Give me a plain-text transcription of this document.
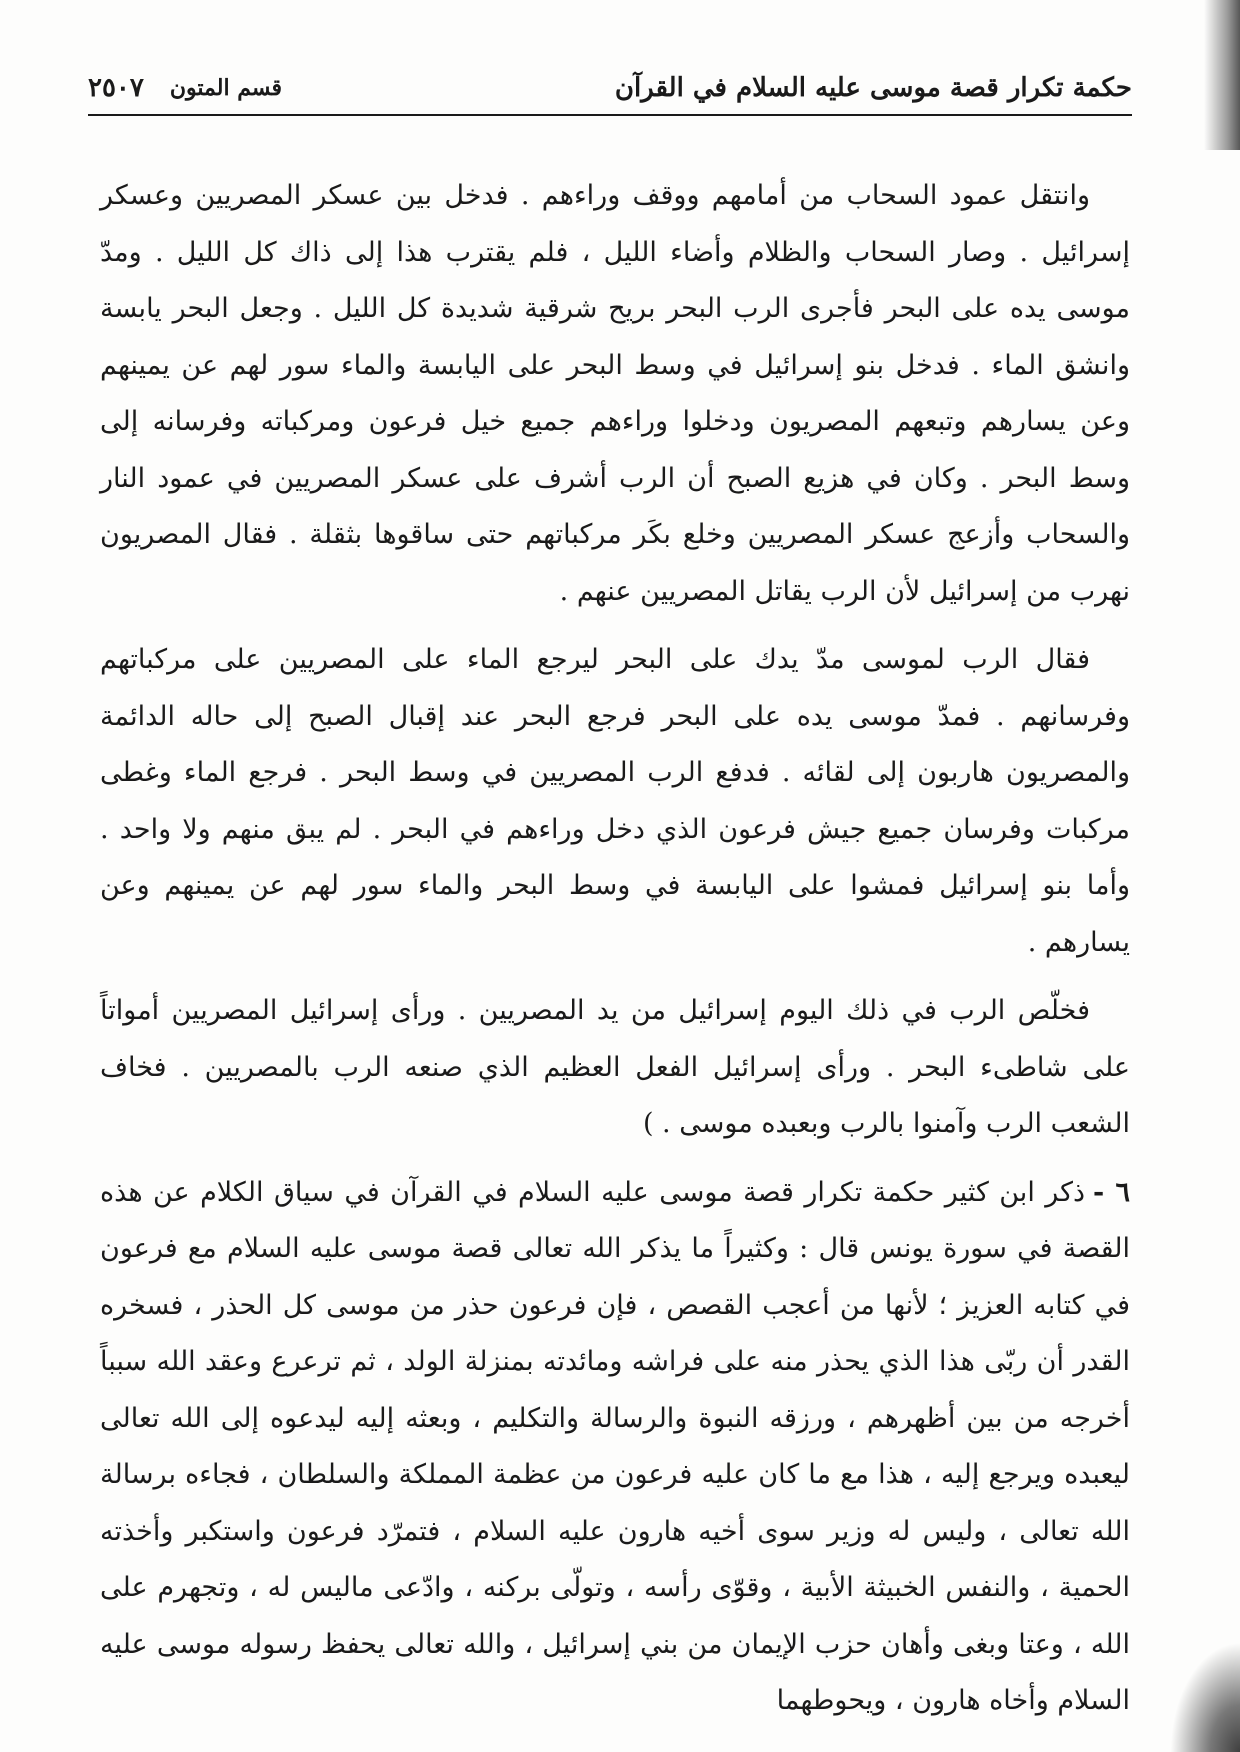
حكمة تكرار قصة موسى عليه السلام في القرآن
قسم المتون
٢٥٠٧

وانتقل عمود السحاب من أمامهم ووقف وراءهم . فدخل بين عسكر المصريين وعسكر إسرائيل . وصار السحاب والظلام وأضاء الليل ، فلم يقترب هذا إلى ذاك كل الليل . ومدّ موسى يده على البحر فأجرى الرب البحر بريح شرقية شديدة كل الليل . وجعل البحر يابسة وانشق الماء . فدخل بنو إسرائيل في وسط البحر على اليابسة والماء سور لهم عن يمينهم وعن يسارهم وتبعهم المصريون ودخلوا وراءهم جميع خيل فرعون ومركباته وفرسانه إلى وسط البحر . وكان في هزيع الصبح أن الرب أشرف على عسكر المصريين في عمود النار والسحاب وأزعج عسكر المصريين وخلع بكَر مركباتهم حتى ساقوها بثقلة . فقال المصريون نهرب من إسرائيل لأن الرب يقاتل المصريين عنهم .

فقال الرب لموسى مدّ يدك على البحر ليرجع الماء على المصريين على مركباتهم وفرسانهم . فمدّ موسى يده على البحر فرجع البحر عند إقبال الصبح إلى حاله الدائمة والمصريون هاربون إلى لقائه . فدفع الرب المصريين في وسط البحر . فرجع الماء وغطى مركبات وفرسان جميع جيش فرعون الذي دخل وراءهم في البحر . لم يبق منهم ولا واحد . وأما بنو إسرائيل فمشوا على اليابسة في وسط البحر والماء سور لهم عن يمينهم وعن يسارهم .

فخلّص الرب في ذلك اليوم إسرائيل من يد المصريين . ورأى إسرائيل المصريين أمواتاً على شاطىء البحر . ورأى إسرائيل الفعل العظيم الذي صنعه الرب بالمصريين . فخاف الشعب الرب وآمنوا بالرب وبعبده موسى . )

٦ -ذكر ابن كثير حكمة تكرار قصة موسى عليه السلام في القرآن في سياق الكلام عن هذه القصة في سورة يونس قال : وكثيراً ما يذكر الله تعالى قصة موسى عليه السلام مع فرعون في كتابه العزيز ؛ لأنها من أعجب القصص ، فإن فرعون حذر من موسى كل الحذر ، فسخره القدر أن ربّى هذا الذي يحذر منه على فراشه ومائدته بمنزلة الولد ، ثم ترعرع وعقد الله سبباً أخرجه من بين أظهرهم ، ورزقه النبوة والرسالة والتكليم ، وبعثه إليه ليدعوه إلى الله تعالى ليعبده ويرجع إليه ، هذا مع ما كان عليه فرعون من عظمة المملكة والسلطان ، فجاءه برسالة الله تعالى ، وليس له وزير سوى أخيه هارون عليه السلام ، فتمرّد فرعون واستكبر وأخذته الحمية ، والنفس الخبيثة الأبية ، وقوّى رأسه ، وتولّى بركنه ، وادّعى ماليس له ، وتجهرم على الله ، وعتا وبغى وأهان حزب الإيمان من بني إسرائيل ، والله تعالى يحفظ رسوله موسى عليه السلام وأخاه هارون ، ويحوطهما
